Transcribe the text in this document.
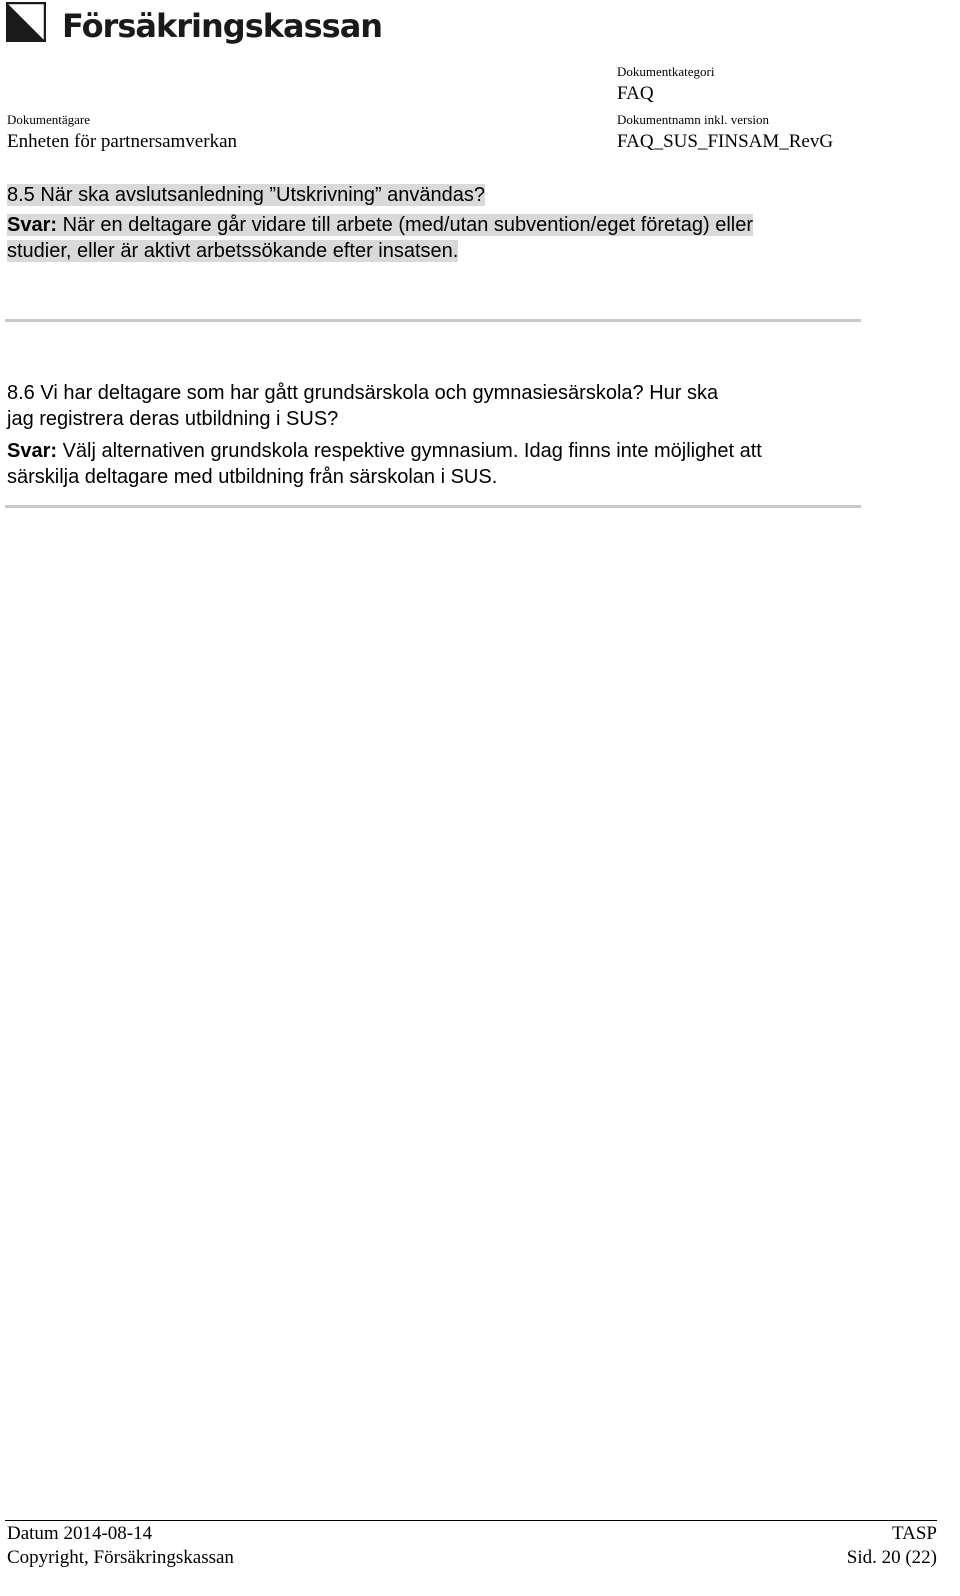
Försäkringskassan
Dokumentkategori
FAQ
Dokumentägare
Enheten för partnersamverkan
Dokumentnamn inkl. version
FAQ_SUS_FINSAM_RevG
8.5 När ska avslutsanledning ”Utskrivning” användas?
Svar: När en deltagare går vidare till arbete (med/utan subvention/eget företag) eller
studier, eller är aktivt arbetssökande efter insatsen.
8.6 Vi har deltagare som har gått grundsärskola och gymnasiesärskola? Hur ska
jag registrera deras utbildning i SUS?
Svar: Välj alternativen grundskola respektive gymnasium. Idag finns inte möjlighet att
särskilja deltagare med utbildning från särskolan i SUS.
Datum 2014-08-14	TASP
Copyright, Försäkringskassan	Sid. 20 (22)
